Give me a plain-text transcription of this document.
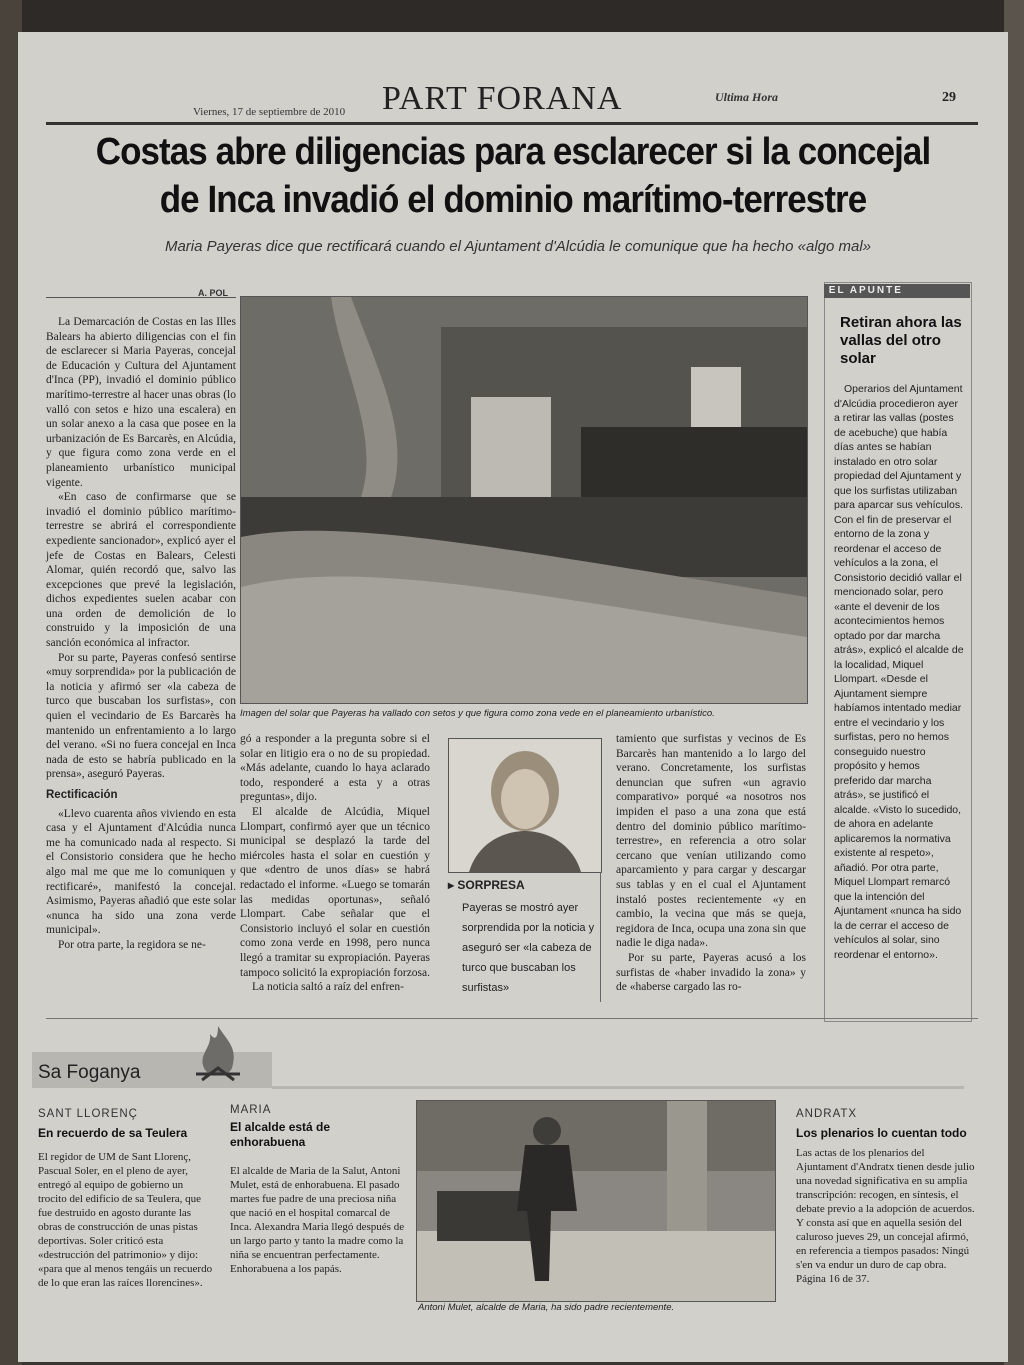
Viernes, 17 de septiembre de 2010 PART FORANA	Ultima Hora	29
Costas abre diligencias para esclarecer si la concejal
de Inca invadió el dominio marítimo-terrestre
Maria Payeras dice que rectificará cuando el Ajuntament d'Alcúdia le comunique que ha hecho «algo mal»
A. POL

La Demarcación de Costas en las Illes Balears ha abierto diligencias con el fin de esclarecer si Maria Payeras, concejal de Educación y Cultura del Ajuntament d'Inca (PP), invadió el dominio público marítimo-terrestre al hacer unas obras (lo valló con setos e hizo una escalera) en un solar anexo a la casa que posee en la urbanización de Es Barcarès, en Alcúdia, y que figura como zona verde en el planeamiento urbanístico municipal vigente.

«En caso de confirmarse que se invadió el dominio público marítimo-terrestre se abrirá el correspondiente expediente sancionador», explicó ayer el jefe de Costas en Balears, Celesti Alomar, quién recordó que, salvo las excepciones que prevé la legislación, dichos expedientes suelen acabar con una orden de demolición de lo construido y la imposición de una sanción económica al infractor.

Por su parte, Payeras confesó sentirse «muy sorprendida» por la publicación de la noticia y afirmó ser «la cabeza de turco que buscaban los surfistas», con quien el vecindario de Es Barcarès ha mantenido un enfrentamiento a lo largo del verano. «Si no fuera concejal en Inca nada de esto se habría publicado en la prensa», aseguró Payeras.

Rectificación

«Llevo cuarenta años viviendo en esta casa y el Ajuntament d'Alcúdia nunca me ha comunicado nada al respecto. Si el Consistorio considera que he hecho algo mal me que me lo comuniquen y rectificaré», manifestó la concejal. Asimismo, Payeras añadió que este solar «nunca ha sido una zona verde municipal».

Por otra parte, la regidora se ne-

Imagen del solar que Payeras ha vallado con setos y que figura como zona vede en el planeamiento urbanístico.

gó a responder a la pregunta sobre si el solar en litigio era o no de su propiedad. «Más adelante, cuando lo haya aclarado todo, responderé a esta y a otras preguntas», dijo.

El alcalde de Alcúdia, Miquel Llompart, confirmó ayer que un técnico municipal se desplazó la tarde del miércoles hasta el solar en cuestión y que «dentro de unos días» se habrá redactado el informe. «Luego se tomarán las medidas oportunas», señaló Llompart. Cabe señalar que el Consistorio incluyó el solar en cuestión como zona verde en 1998, pero nunca llegó a tramitar su expropiación. Payeras tampoco solicitó la expropiación forzosa.

La noticia saltó a raíz del enfren-

▸ SORPRESA
Payeras se mostró ayer sorprendida por la noticia y aseguró ser «la cabeza de turco que buscaban los surfistas»

tamiento que surfistas y vecinos de Es Barcarès han mantenido a lo largo del verano. Concretamente, los surfistas denuncian que sufren «un agravio comparativo» porqué «a nosotros nos impiden el paso a una zona que está dentro del dominio público marítimo-terrestre», en referencia a otro solar cercano que venían utilizando como aparcamiento y para cargar y descargar sus tablas y en el cual el Ajuntament instaló postes recientemente «y en cambio, la vecina que más se queja, regidora de Inca, ocupa una zona sin que nadie le diga nada».

Por su parte, Payeras acusó a los surfistas de «haber invadido la zona» y de «haberse cargado las ro-

EL APUNTE
Retiran ahora las vallas del otro solar

Operarios del Ajuntament d'Alcúdia procedieron ayer a retirar las vallas (postes de acebuche) que había días antes se habían instalado en otro solar propiedad del Ajuntament y que los surfistas utilizaban para aparcar sus vehículos. Con el fin de preservar el entorno de la zona y reordenar el acceso de vehículos a la zona, el Consistorio decidió vallar el mencionado solar, pero «ante el devenir de los acontecimientos hemos optado por dar marcha atrás», explicó el alcalde de la localidad, Miquel Llompart. «Desde el Ajuntament siempre habíamos intentado mediar entre el vecindario y los surfistas, pero no hemos conseguido nuestro propósito y hemos preferido dar marcha atrás», se justificó el alcalde. «Visto lo sucedido, de ahora en adelante aplicaremos la normativa existente al respeto», añadió. Por otra parte, Miquel Llompart remarcó que la intención del Ajuntament «nunca ha sido la de cerrar el acceso de vehículos al solar, sino reordenar el entorno».

Sa Foganya
SANT LLORENÇ
En recuerdo de sa Teulera
El regidor de UM de Sant Llorenç, Pascual Soler, en el pleno de ayer, entregó al equipo de gobierno un trocito del edificio de sa Teulera, que fue destruido en agosto durante las obras de construcción de unas pistas deportivas. Soler criticó esta «destrucción del patrimonio» y dijo: «para que al menos tengáis un recuerdo de lo que eran las raíces llorencines».
MARIA
El alcalde está de enhorabuena
El alcalde de Maria de la Salut, Antoni Mulet, está de enhorabuena. El pasado martes fue padre de una preciosa niña que nació en el hospital comarcal de Inca. Alexandra Maria llegó después de un largo parto y tanto la madre como la niña se encuentran perfectamente. Enhorabuena a los papás.
Antoni Mulet, alcalde de Maria, ha sido padre recientemente.
ANDRATX
Los plenarios lo cuentan todo
Las actas de los plenarios del Ajuntament d'Andratx tienen desde julio una novedad significativa en su amplia transcripción: recogen, en síntesis, el debate previo a la adopción de acuerdos. Y consta así que en aquella sesión del caluroso jueves 29, un concejal afirmó, en referencia a tiempos pasados: Ningú s'en va endur un duro de cap obra. Página 16 de 37.
